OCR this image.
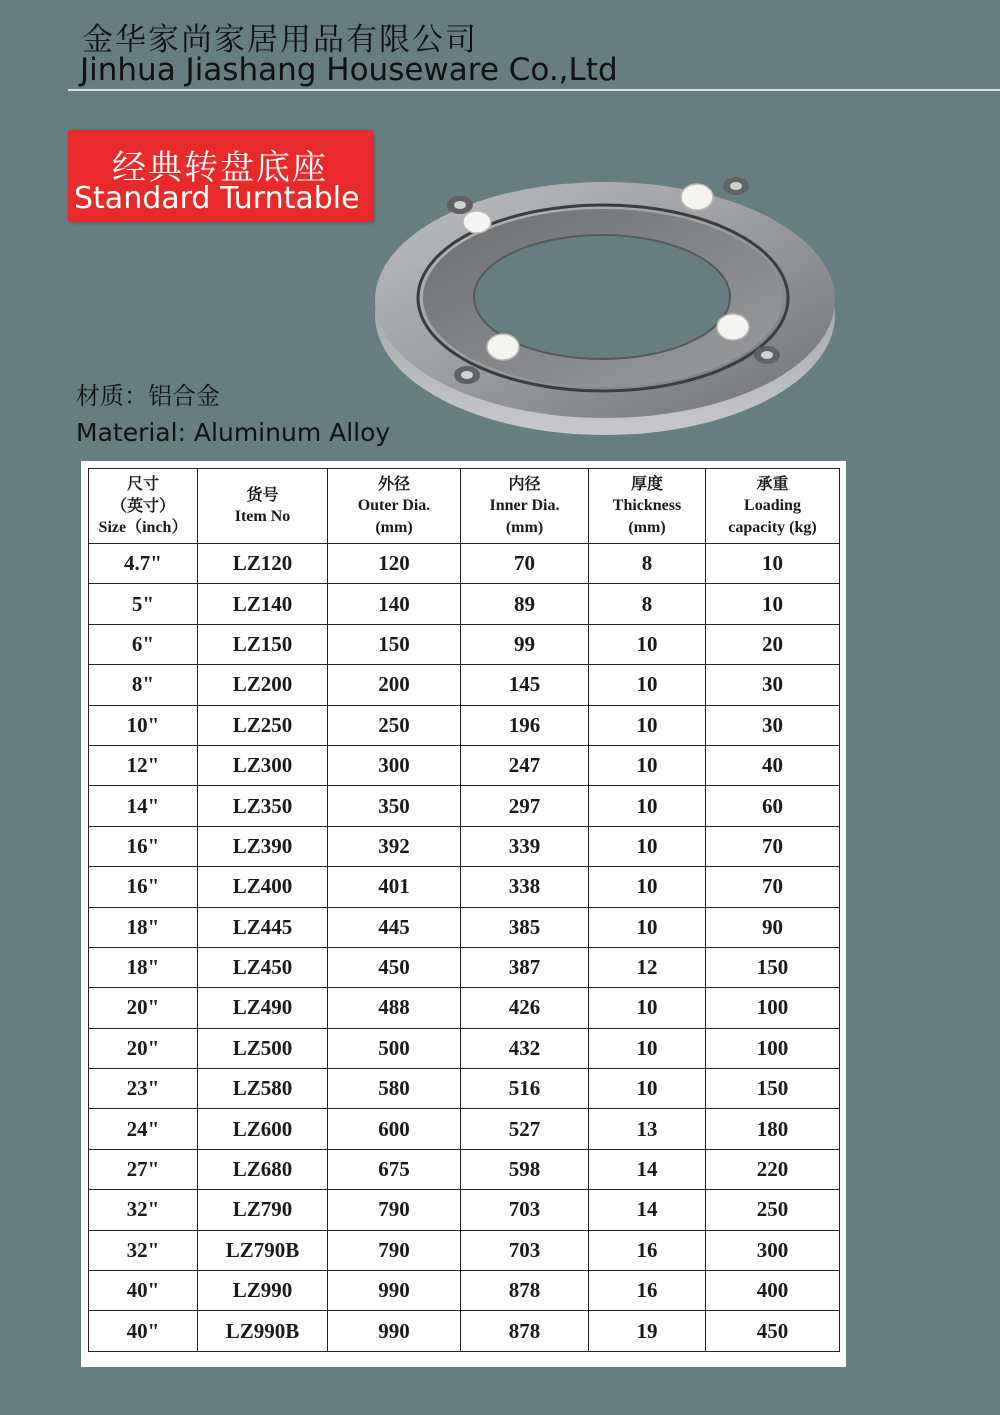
金华家尚家居用品有限公司
Jinhua Jiashang Houseware Co.,Ltd
经典转盘底座
Standard Turntable
材质：铝合金
Material: Aluminum Alloy
尺寸
（英寸）
Size（inch）	货号
Item No	外径
Outer Dia.
(mm)	内径
Inner Dia.
(mm)	厚度
Thickness
(mm)	承重
Loading
capacity (kg)

4.7"	LZ120	120	70	8	10
5"	LZ140	140	89	8	10
6"	LZ150	150	99	10	20
8"	LZ200	200	145	10	30
10"	LZ250	250	196	10	30
12"	LZ300	300	247	10	40
14"	LZ350	350	297	10	60
16"	LZ390	392	339	10	70
16"	LZ400	401	338	10	70
18"	LZ445	445	385	10	90
18"	LZ450	450	387	12	150
20"	LZ490	488	426	10	100
20"	LZ500	500	432	10	100
23"	LZ580	580	516	10	150
24"	LZ600	600	527	13	180
27"	LZ680	675	598	14	220
32"	LZ790	790	703	14	250
32"	LZ790B	790	703	16	300
40"	LZ990	990	878	16	400
40"	LZ990B	990	878	19	450
